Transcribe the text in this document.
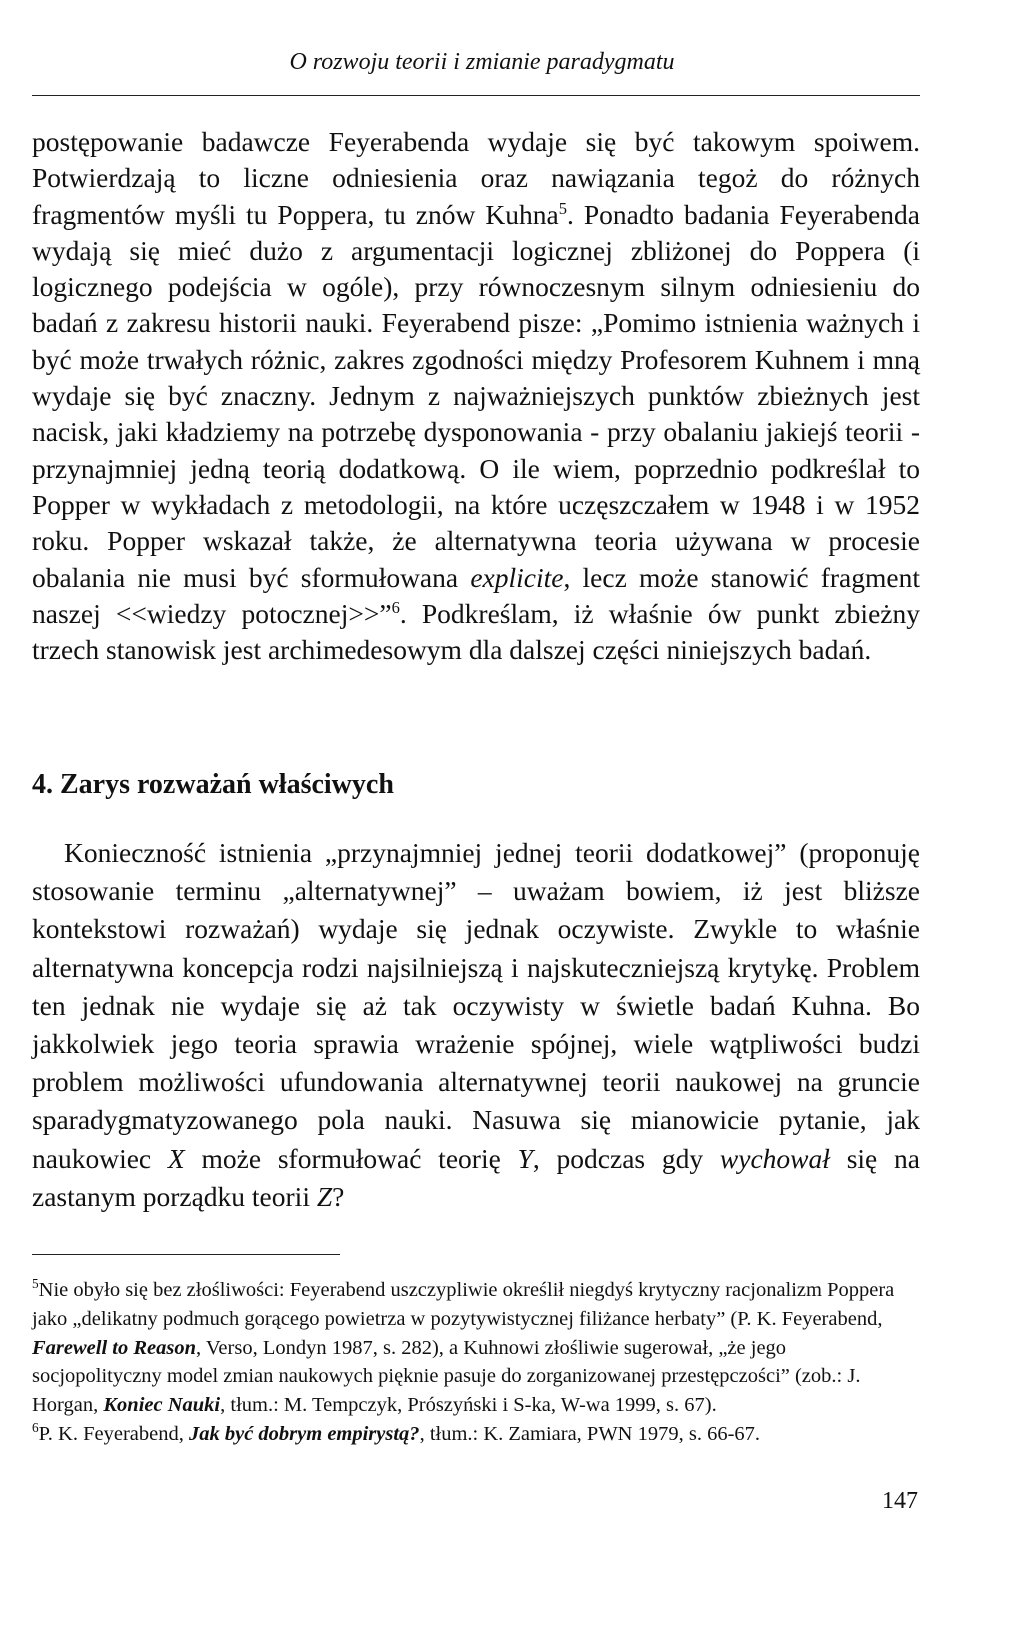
O rozwoju teorii i zmianie paradygmatu

postępowanie badawcze Feyerabenda wydaje się być takowym spoiwem. Potwierdzają to liczne odniesienia oraz nawiązania tegoż do różnych fragmentów myśli tu Poppera, tu znów Kuhna$^5$. Ponadto badania Feyerabenda wydają się mieć dużo z argumentacji logicznej zbliżonej do Poppera (i logicznego podejścia w ogóle), przy równoczesnym silnym odniesieniu do badań z zakresu historii nauki. Feyerabend pisze: „Pomimo istnienia ważnych i być może trwałych różnic, zakres zgodności między Profesorem Kuhnem i mną wydaje się być znaczny. Jednym z najważniejszych punktów zbieżnych jest nacisk, jaki kładziemy na potrzebę dysponowania - przy obalaniu jakiejś teorii - przynajmniej jedną teorią dodatkową. O ile wiem, poprzednio podkreślał to Popper w wykładach z metodologii, na które uczęszczałem w 1948 i w 1952 roku. Popper wskazał także, że alternatywna teoria używana w procesie obalania nie musi być sformułowana explicite, lecz może stanowić fragment naszej <<wiedzy potocznej>>”$^6$. Podkreślam, iż właśnie ów punkt zbieżny trzech stanowisk jest archimedesowym dla dalszej części niniejszych badań.

4. Zarys rozważań właściwych

Konieczność istnienia „przynajmniej jednej teorii dodatkowej” (proponuję stosowanie terminu „alternatywnej” – uważam bowiem, iż jest bliższe kontekstowi rozważań) wydaje się jednak oczywiste. Zwykle to właśnie alternatywna koncepcja rodzi najsilniejszą i najskuteczniejszą krytykę. Problem ten jednak nie wydaje się aż tak oczywisty w świetle badań Kuhna. Bo jakkolwiek jego teoria sprawia wrażenie spójnej, wiele wątpliwości budzi problem możliwości ufundowania alternatywnej teorii naukowej na gruncie sparadygmatyzowanego pola nauki. Nasuwa się mianowicie pytanie, jak naukowiec X może sformułować teorię Y, podczas gdy wychował się na zastanym porządku teorii Z?

$^5$Nie obyło się bez złośliwości: Feyerabend uszczypliwie określił niegdyś krytyczny racjonalizm Poppera jako „delikatny podmuch gorącego powietrza w pozytywistycznej filiżance herbaty” (P. K. Feyerabend, Farewell to Reason, Verso, Londyn 1987, s. 282), a Kuhnowi złośliwie sugerował, „że jego socjopolityczny model zmian naukowych pięknie pasuje do zorganizowanej przestępczości” (zob.: J. Horgan, Koniec Nauki, tłum.: M. Tempczyk, Prószyński i S-ka, W-wa 1999, s. 67).

$^6$P. K. Feyerabend, Jak być dobrym empirystą?, tłum.: K. Zamiara, PWN 1979, s. 66-67.

147
